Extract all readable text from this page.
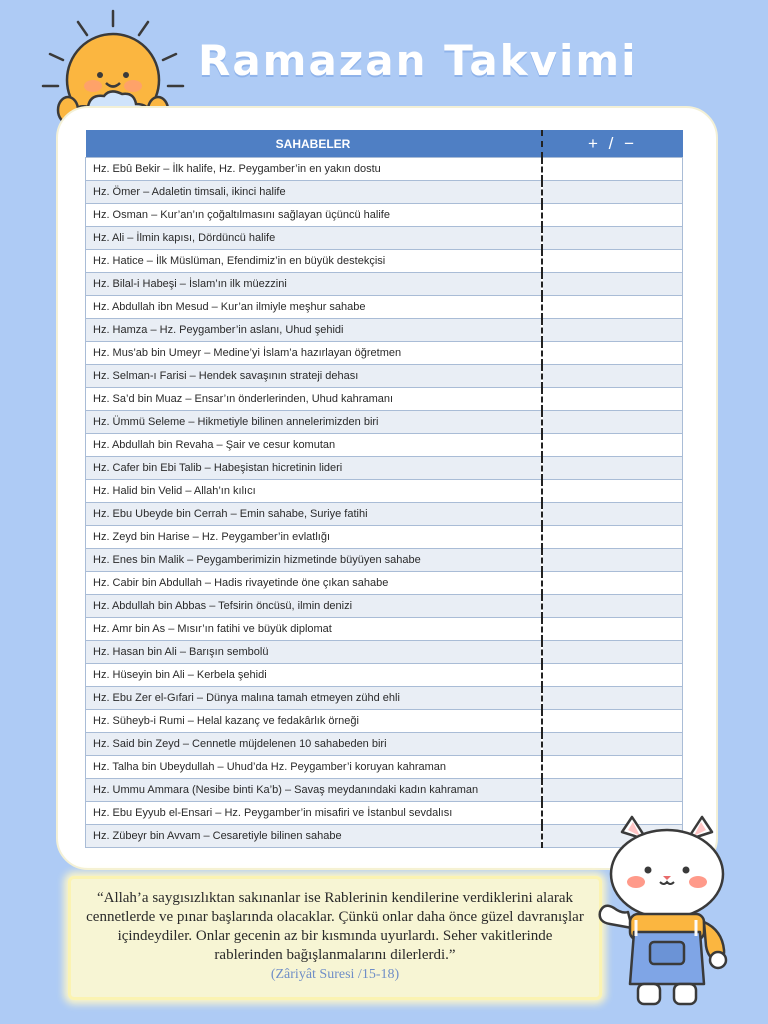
Ramazan Takvimi
SAHABELER	+ / −
Hz. Ebû Bekir – İlk halife, Hz. Peygamber’in en yakın dostu	
Hz. Ömer – Adaletin timsali, ikinci halife	
Hz. Osman – Kur’an’ın çoğaltılmasını sağlayan üçüncü halife	
Hz. Ali – İlmin kapısı, Dördüncü halife	
Hz. Hatice – İlk Müslüman, Efendimiz’in en büyük destekçisi	
Hz. Bilal-i Habeşi – İslam’ın ilk müezzini	
Hz. Abdullah ibn Mesud – Kur’an ilmiyle meşhur sahabe	
Hz. Hamza – Hz. Peygamber’in aslanı, Uhud şehidi	
Hz. Mus’ab bin Umeyr – Medine’yi İslam’a hazırlayan öğretmen	
Hz. Selman-ı Farisi – Hendek savaşının strateji dehası	
Hz. Sa’d bin Muaz – Ensar’ın önderlerinden, Uhud kahramanı	
Hz. Ümmü Seleme – Hikmetiyle bilinen annelerimizden biri	
Hz. Abdullah bin Revaha – Şair ve cesur komutan	
Hz. Cafer bin Ebi Talib – Habeşistan hicretinin lideri	
Hz. Halid bin Velid – Allah’ın kılıcı	
Hz. Ebu Ubeyde bin Cerrah – Emin sahabe, Suriye fatihi	
Hz. Zeyd bin Harise – Hz. Peygamber’in evlatlığı	
Hz. Enes bin Malik – Peygamberimizin hizmetinde büyüyen sahabe	
Hz. Cabir bin Abdullah – Hadis rivayetinde öne çıkan sahabe	
Hz. Abdullah bin Abbas – Tefsirin öncüsü, ilmin denizi	
Hz. Amr bin As – Mısır’ın fatihi ve büyük diplomat	
Hz. Hasan bin Ali – Barışın sembolü	
Hz. Hüseyin bin Ali – Kerbela şehidi	
Hz. Ebu Zer el-Gıfari – Dünya malına tamah etmeyen zühd ehli	
Hz. Süheyb-i Rumi – Helal kazanç ve fedakârlık örneği	
Hz. Said bin Zeyd – Cennetle müjdelenen 10 sahabeden biri	
Hz. Talha bin Ubeydullah – Uhud’da Hz. Peygamber’i koruyan kahraman	
Hz. Ummu Ammara (Nesibe binti Ka’b) – Savaş meydanındaki kadın kahraman	
Hz. Ebu Eyyub el-Ensari – Hz. Peygamber’in misafiri ve İstanbul sevdalısı	
Hz. Zübeyr bin Avvam – Cesaretiyle bilinen sahabe	
“Allah’a saygısızlıktan sakınanlar ise Rablerinin kendilerine verdiklerini alarak cennetlerde ve pınar başlarında olacaklar. Çünkü onlar daha önce güzel davranışlar içindeydiler. Onlar gecenin az bir kısmında uyurlardı. Seher vakitlerinde rablerinden bağışlanmalarını dilerlerdi.”
(Zâriyât Suresi /15-18)
